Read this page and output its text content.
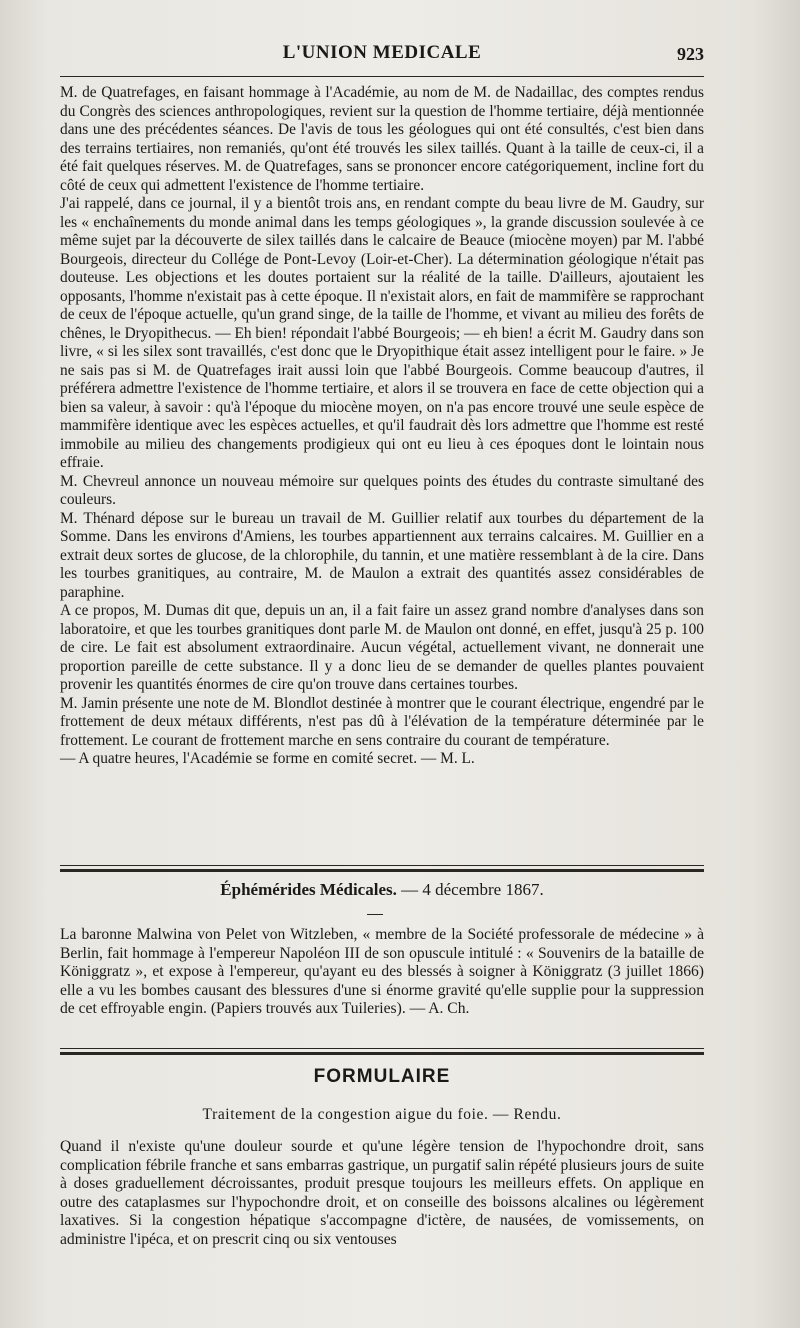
L'UNION MEDICALE	923

M. de Quatrefages, en faisant hommage à l'Académie, au nom de M. de Nadaillac, des comptes rendus du Congrès des sciences anthropologiques, revient sur la question de l'homme tertiaire, déjà mentionnée dans une des précédentes séances. De l'avis de tous les géologues qui ont été consultés, c'est bien dans des terrains tertiaires, non remaniés, qu'ont été trouvés les silex taillés. Quant à la taille de ceux-ci, il a été fait quelques réserves. M. de Quatrefages, sans se prononcer encore catégoriquement, incline fort du côté de ceux qui admettent l'existence de l'homme tertiaire.

J'ai rappelé, dans ce journal, il y a bientôt trois ans, en rendant compte du beau livre de M. Gaudry, sur les « enchaînements du monde animal dans les temps géologiques », la grande discussion soulevée à ce même sujet par la découverte de silex taillés dans le calcaire de Beauce (miocène moyen) par M. l'abbé Bourgeois, directeur du Collége de Pont-Levoy (Loir-et-Cher). La détermination géologique n'était pas douteuse. Les objections et les doutes portaient sur la réalité de la taille. D'ailleurs, ajoutaient les opposants, l'homme n'existait pas à cette époque. Il n'existait alors, en fait de mammifère se rapprochant de ceux de l'époque actuelle, qu'un grand singe, de la taille de l'homme, et vivant au milieu des forêts de chênes, le Dryopithecus. — Eh bien! répondait l'abbé Bourgeois; — eh bien! a écrit M. Gaudry dans son livre, « si les silex sont travaillés, c'est donc que le Dryopithique était assez intelligent pour le faire. » Je ne sais pas si M. de Quatrefages irait aussi loin que l'abbé Bourgeois. Comme beaucoup d'autres, il préférera admettre l'existence de l'homme tertiaire, et alors il se trouvera en face de cette objection qui a bien sa valeur, à savoir : qu'à l'époque du miocène moyen, on n'a pas encore trouvé une seule espèce de mammifère identique avec les espèces actuelles, et qu'il faudrait dès lors admettre que l'homme est resté immobile au milieu des changements prodigieux qui ont eu lieu à ces époques dont le lointain nous effraie.

M. Chevreul annonce un nouveau mémoire sur quelques points des études du contraste simultané des couleurs.

M. Thénard dépose sur le bureau un travail de M. Guillier relatif aux tourbes du département de la Somme. Dans les environs d'Amiens, les tourbes appartiennent aux terrains calcaires. M. Guillier en a extrait deux sortes de glucose, de la chlorophile, du tannin, et une matière ressemblant à de la cire. Dans les tourbes granitiques, au contraire, M. de Maulon a extrait des quantités assez considérables de paraphine.

A ce propos, M. Dumas dit que, depuis un an, il a fait faire un assez grand nombre d'analyses dans son laboratoire, et que les tourbes granitiques dont parle M. de Maulon ont donné, en effet, jusqu'à 25 p. 100 de cire. Le fait est absolument extraordinaire. Aucun végétal, actuellement vivant, ne donnerait une proportion pareille de cette substance. Il y a donc lieu de se demander de quelles plantes pouvaient provenir les quantités énormes de cire qu'on trouve dans certaines tourbes.

M. Jamin présente une note de M. Blondlot destinée à montrer que le courant électrique, engendré par le frottement de deux métaux différents, n'est pas dû à l'élévation de la température déterminée par le frottement. Le courant de frottement marche en sens contraire du courant de température.

— A quatre heures, l'Académie se forme en comité secret. — M. L.

Éphémérides Médicales. — 4 décembre 1867.

La baronne Malwina von Pelet von Witzleben, « membre de la Société professorale de médecine » à Berlin, fait hommage à l'empereur Napoléon III de son opuscule intitulé : « Souvenirs de la bataille de Königgratz », et expose à l'empereur, qu'ayant eu des blessés à soigner à Königgratz (3 juillet 1866) elle a vu les bombes causant des blessures d'une si énorme gravité qu'elle supplie pour la suppression de cet effroyable engin. (Papiers trouvés aux Tuileries). — A. Ch.

FORMULAIRE
Traitement de la congestion aigue du foie. — Rendu.

Quand il n'existe qu'une douleur sourde et qu'une légère tension de l'hypochondre droit, sans complication fébrile franche et sans embarras gastrique, un purgatif salin répété plusieurs jours de suite à doses graduellement décroissantes, produit presque toujours les meilleurs effets. On applique en outre des cataplasmes sur l'hypochondre droit, et on conseille des boissons alcalines ou légèrement laxatives. Si la congestion hépatique s'accompagne d'ictère, de nausées, de vomissements, on administre l'ipéca, et on prescrit cinq ou six ventouses
